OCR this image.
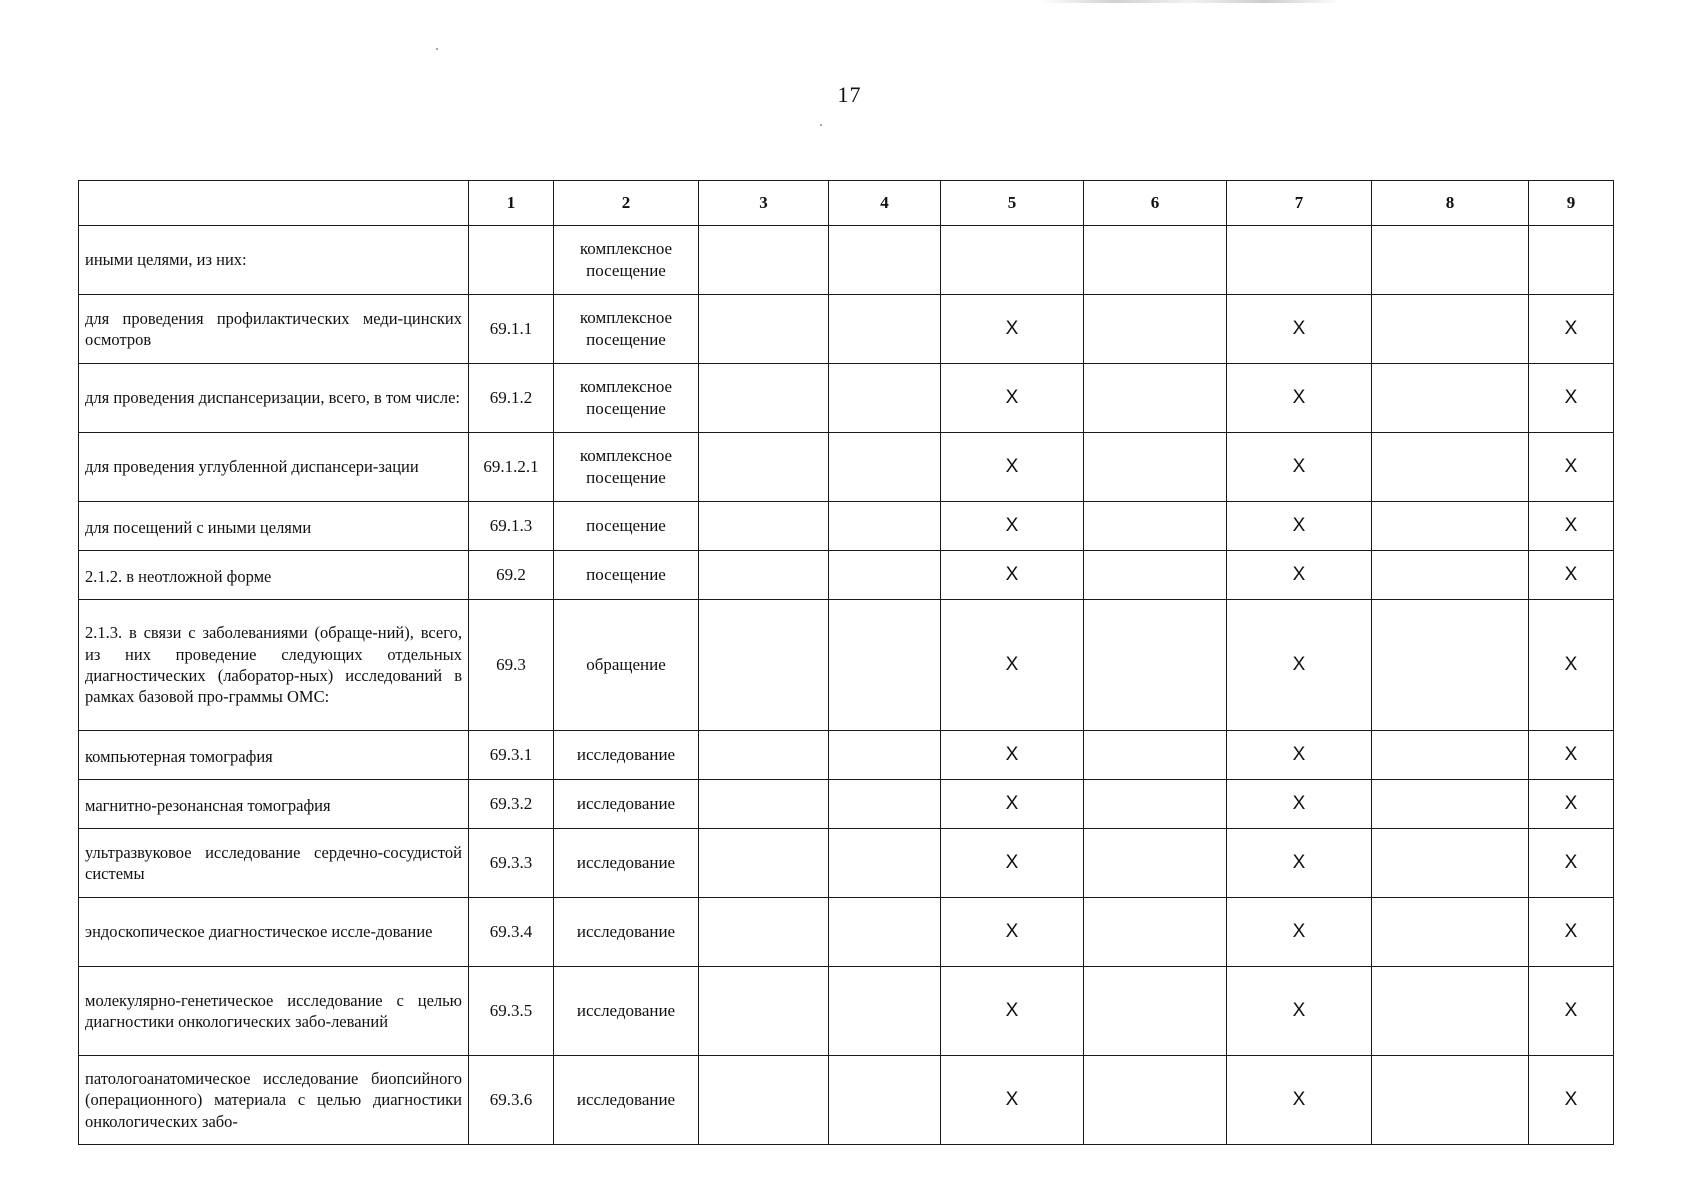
17
	1	2	3	4	5	6	7	8	9
иными целями, из них:		комплексное посещение							
для проведения профилактических меди-цинских осмотров	69.1.1	комплексное посещение			X		X		X
для проведения диспансеризации, всего, в том числе:	69.1.2	комплексное посещение			X		X		X
для проведения углубленной диспансери-зации	69.1.2.1	комплексное посещение			X		X		X
для посещений с иными целями	69.1.3	посещение			X		X		X
2.1.2. в неотложной форме	69.2	посещение			X		X		X
2.1.3. в связи с заболеваниями (обраще-ний), всего, из них проведение следующих отдельных диагностических (лаборатор-ных) исследований в рамках базовой про-граммы ОМС:	69.3	обращение			X		X		X
компьютерная томография	69.3.1	исследование			X		X		X
магнитно-резонансная томография	69.3.2	исследование			X		X		X
ультразвуковое исследование сердечно-сосудистой системы	69.3.3	исследование			X		X		X
эндоскопическое диагностическое иссле-дование	69.3.4	исследование			X		X		X
молекулярно-генетическое исследование с целью диагностики онкологических забо-леваний	69.3.5	исследование			X		X		X
патологоанатомическое исследование биопсийного (операционного) материала с целью диагностики онкологических забо-	69.3.6	исследование			X		X		X
